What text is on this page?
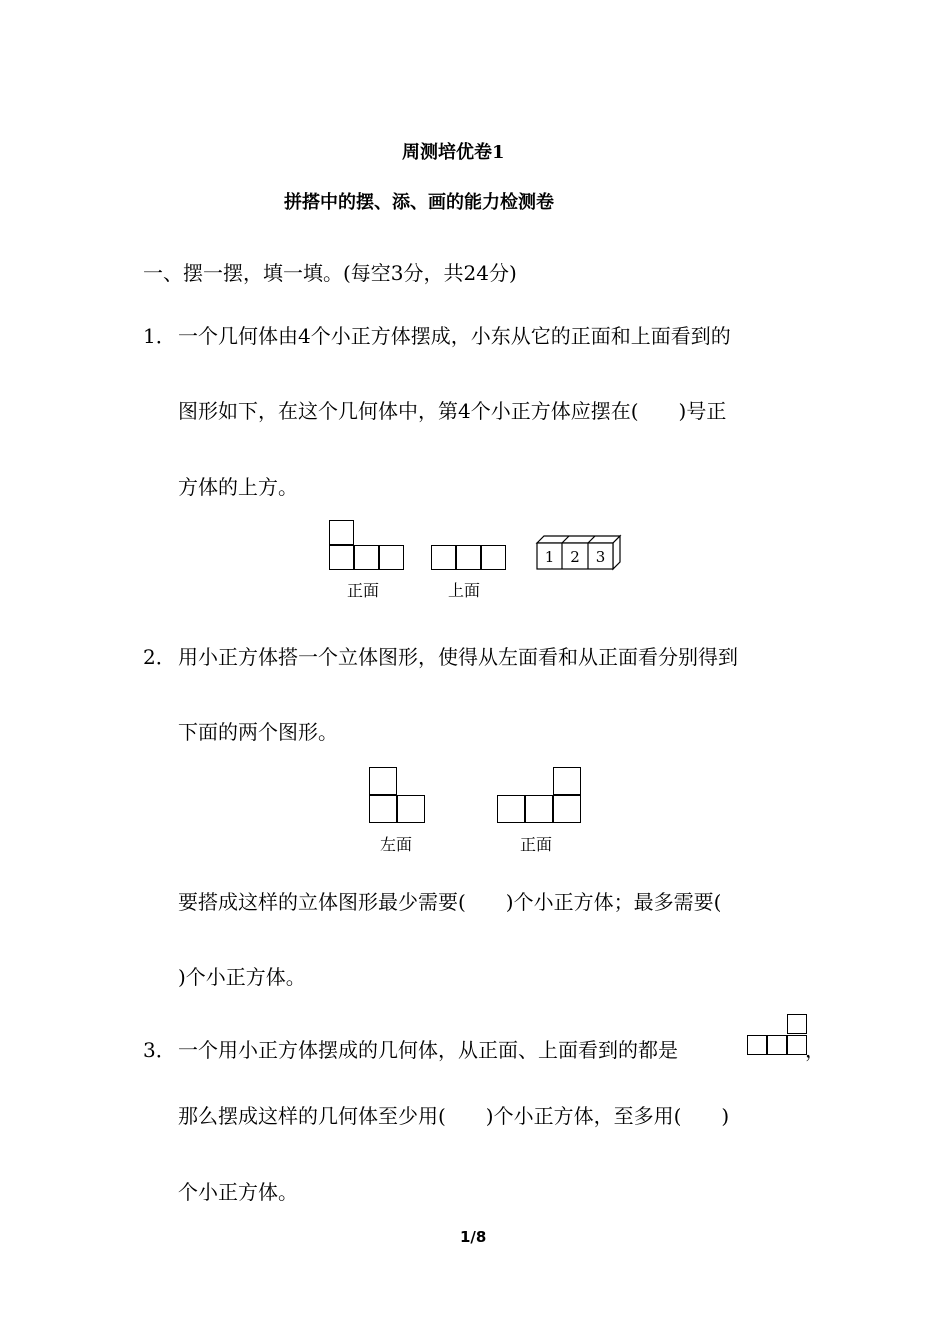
周测培优卷1
拼搭中的摆、添、画的能力检测卷
一、摆一摆，填一填。(每空3分，共24分)
1． 一个几何体由4个小正方体摆成，小东从它的正面和上面看到的
图形如下，在这个几何体中，第4个小正方体应摆在(　　)号正
方体的上方。
正面	上面
1 2 3
2． 用小正方体搭一个立体图形，使得从左面看和从正面看分别得到
下面的两个图形。
左面	正面
要搭成这样的立体图形最少需要(　　)个小正方体；最多需要(
)个小正方体。
3． 一个用小正方体摆成的几何体，从正面、上面看到的都是	，
那么摆成这样的几何体至少用(　　)个小正方体，至多用(　　)
个小正方体。
1/8
